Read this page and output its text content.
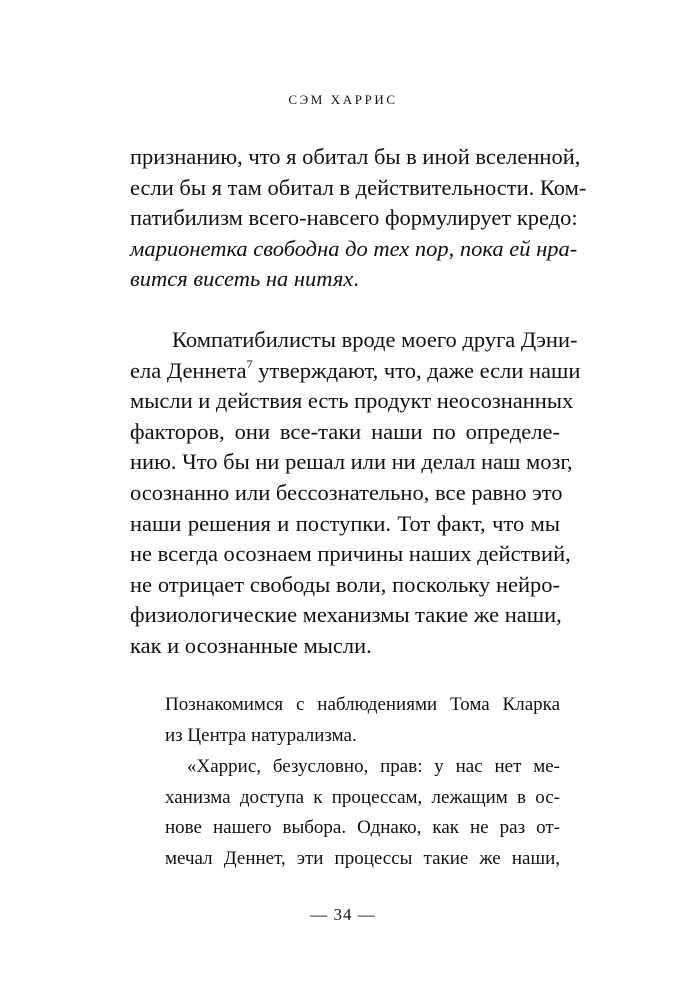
СЭМ ХАРРИС
признанию, что я обитал бы в иной вселенной,
если бы я там обитал в действительности. Ком-
патибилизм всего-навсего формулирует кредо:
марионетка свободна до тех пор, пока ей нра-
вится висеть на нитях.
Компатибилисты вроде моего друга Дэни-
ела Деннета$^7$ утверждают, что, даже если наши
мысли и действия есть продукт неосознанных
факторов, они все-таки наши по определе-
нию. Что бы ни решал или ни делал наш мозг,
осознанно или бессознательно, все равно это
наши решения и поступки. Тот факт, что мы
не всегда осознаем причины наших действий,
не отрицает свободы воли, поскольку нейро-
физиологические механизмы такие же наши,
как и осознанные мысли.
Познакомимся с наблюдениями Тома Кларка
из Центра натурализма.
«Харрис, безусловно, прав: у нас нет ме-
ханизма доступа к процессам, лежащим в ос-
нове нашего выбора. Однако, как не раз от-
мечал Деннет, эти процессы такие же наши,
— 34 —
